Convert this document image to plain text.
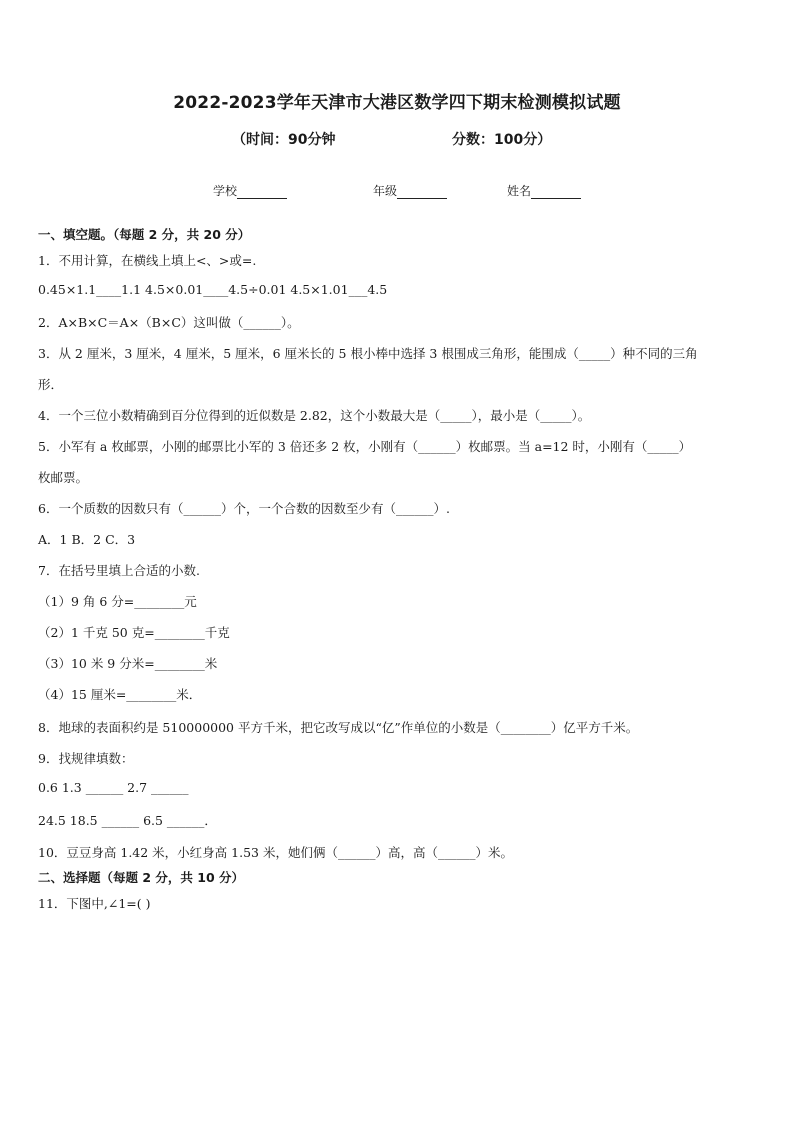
2022-2023学年天津市大港区数学四下期末检测模拟试题
（时间：90分钟	分数：100分）
学校	年级	姓名
一、填空题。（每题 2 分，共 20 分）
1．不用计算，在横线上填上<、>或=.
0.45×1.1____1.1 4.5×0.01____4.5÷0.01 4.5×1.01___4.5
2．A×B×C＝A×（B×C）这叫做（______）。
3．从 2 厘米，3 厘米，4 厘米，5 厘米，6 厘米长的 5 根小棒中选择 3 根围成三角形，能围成（_____）种不同的三角
形．
4．一个三位小数精确到百分位得到的近似数是 2.82，这个小数最大是（_____），最小是（_____）。
5．小军有 a 枚邮票，小刚的邮票比小军的 3 倍还多 2 枚，小刚有（______）枚邮票。当 a=12 时，小刚有（_____）
枚邮票。
6．一个质数的因数只有（______）个，一个合数的因数至少有（______）.
A．1 B．2 C．3
7．在括号里填上合适的小数.
（1）9 角 6 分=________元
（2）1 千克 50 克=________千克
（3）10 米 9 分米=________米
（4）15 厘米=________米．
8．地球的表面积约是 510000000 平方千米，把它改写成以“亿”作单位的小数是（________）亿平方千米。
9．找规律填数：
0.6 1.3 ______ 2.7 ______
24.5 18.5 ______ 6.5 ______．
10．豆豆身高 1.42 米，小红身高 1.53 米，她们俩（______）高，高（______）米。
二、选择题（每题 2 分，共 10 分）
11．下图中,∠1=( )
